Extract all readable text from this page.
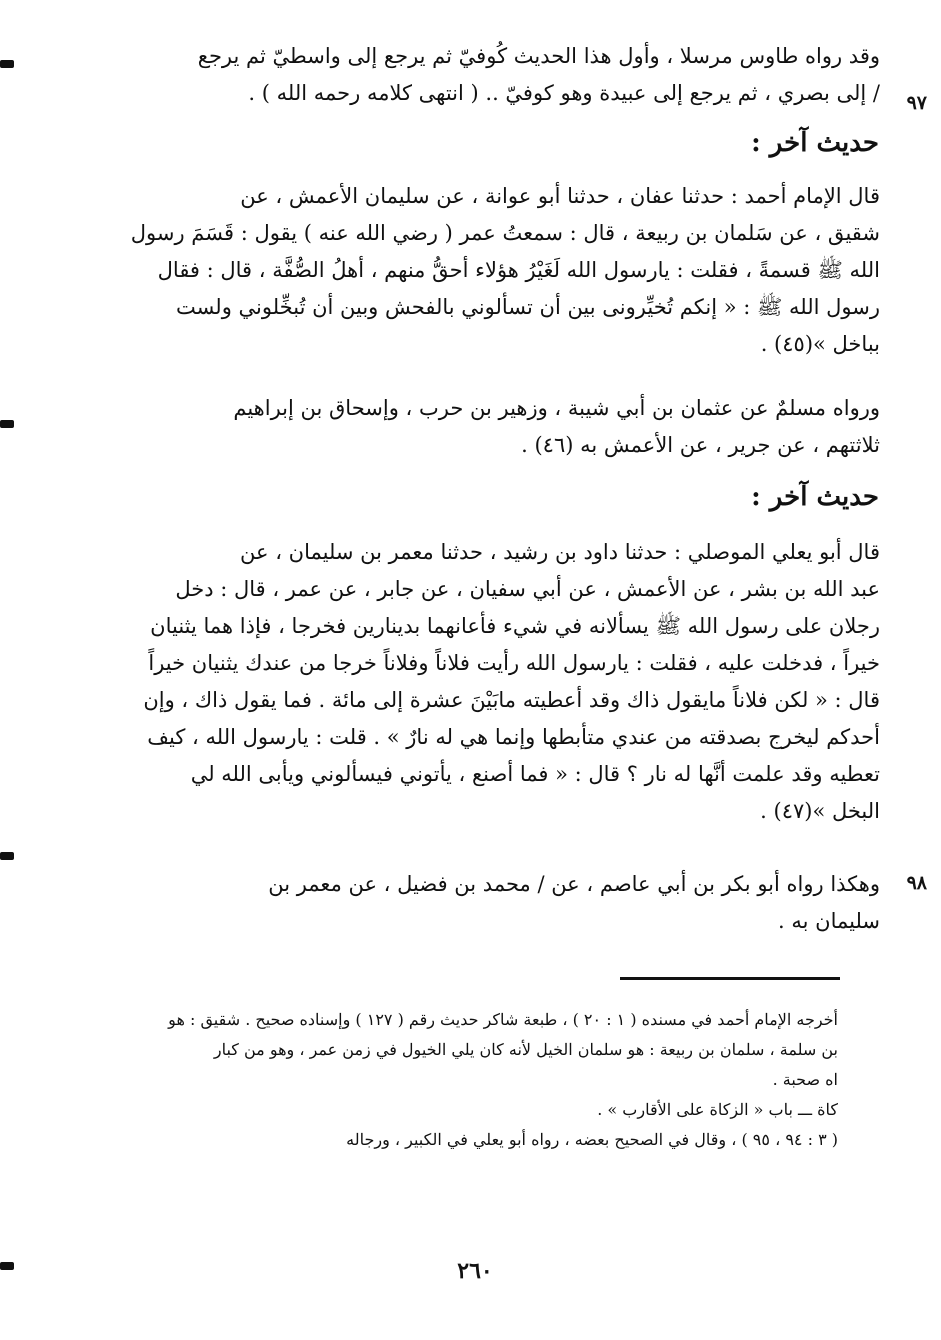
وقد رواه طاوس مرسلا ، وأول هذا الحديث كُوفيّ ثم يرجع إلى واسطيّ ثم يرجع
/ إلى بصري ، ثم يرجع إلى عبيدة وهو كوفيّ .. ( انتهى كلامه رحمه الله ) . ٩٧
حديث آخر :
قال الإمام أحمد : حدثنا عفان ، حدثنا أبو عوانة ، عن سليمان الأعمش ، عن
شقيق ، عن سَلمان بن ربيعة ، قال : سمعتُ عمر ( رضي الله عنه ) يقول : قَسَمَ رسول
الله ﷺ قسمةً ، فقلت : يارسول الله لَغَيْرُ هؤلاء أحقُّ منهم ، أهلُ الصُّفَّة ، قال : فقال
رسول الله ﷺ : « إنكم تُخيِّرونى بين أن تسألوني بالفحش وبين أن تُبخِّلوني ولست
بباخل »(٤٥) .
ورواه مسلمٌ عن عثمان بن أبي شيبة ، وزهير بن حرب ، وإسحاق بن إبراهيم
ثلاثتهم ، عن جرير ، عن الأعمش به (٤٦) .
حديث آخر :
قال أبو يعلي الموصلي : حدثنا داود بن رشيد ، حدثنا معمر بن سليمان ، عن
عبد الله بن بشر ، عن الأعمش ، عن أبي سفيان ، عن جابر ، عن عمر ، قال : دخل
رجلان على رسول الله ﷺ يسألانه في شيء فأعانهما بدينارين فخرجا ، فإذا هما يثنيان
خيراً ، فدخلت عليه ، فقلت : يارسول الله رأيت فلاناً وفلاناً خرجا من عندك يثنيان خيراً
قال : « لكن فلاناً مايقول ذاك وقد أعطيته مابَيْنَ عشرة إلى مائة . فما يقول ذاك ، وإن
أحدكم ليخرج بصدقته من عندي متأبطها وإنما هي له نارٌ » . قلت : يارسول الله ، كيف
تعطيه وقد علمت أنَّها له نار ؟ قال : « فما أصنع ، يأتوني فيسألوني ويأبى الله لي
البخل »(٤٧) .
وهكذا رواه أبو بكر بن أبي عاصم ، عن / محمد بن فضيل ، عن معمر بن
سليمان به .
٩٨
أخرجه الإمام أحمد في مسنده ( ١ : ٢٠ ) ، طبعة شاكر حديث رقم ( ١٢٧ ) وإسناده صحيح . شقيق : هو
بن سلمة ، سلمان بن ربيعة : هو سلمان الخيل لأنه كان يلي الخيول في زمن عمر ، وهو من كبار
اه صحبة .
كاة ـــ باب « الزكاة على الأقارب » .
( ٣ : ٩٤ ، ٩٥ ) ، وقال في الصحيح بعضه ، رواه أبو يعلي في الكبير ، ورجاله
٢٦٠
